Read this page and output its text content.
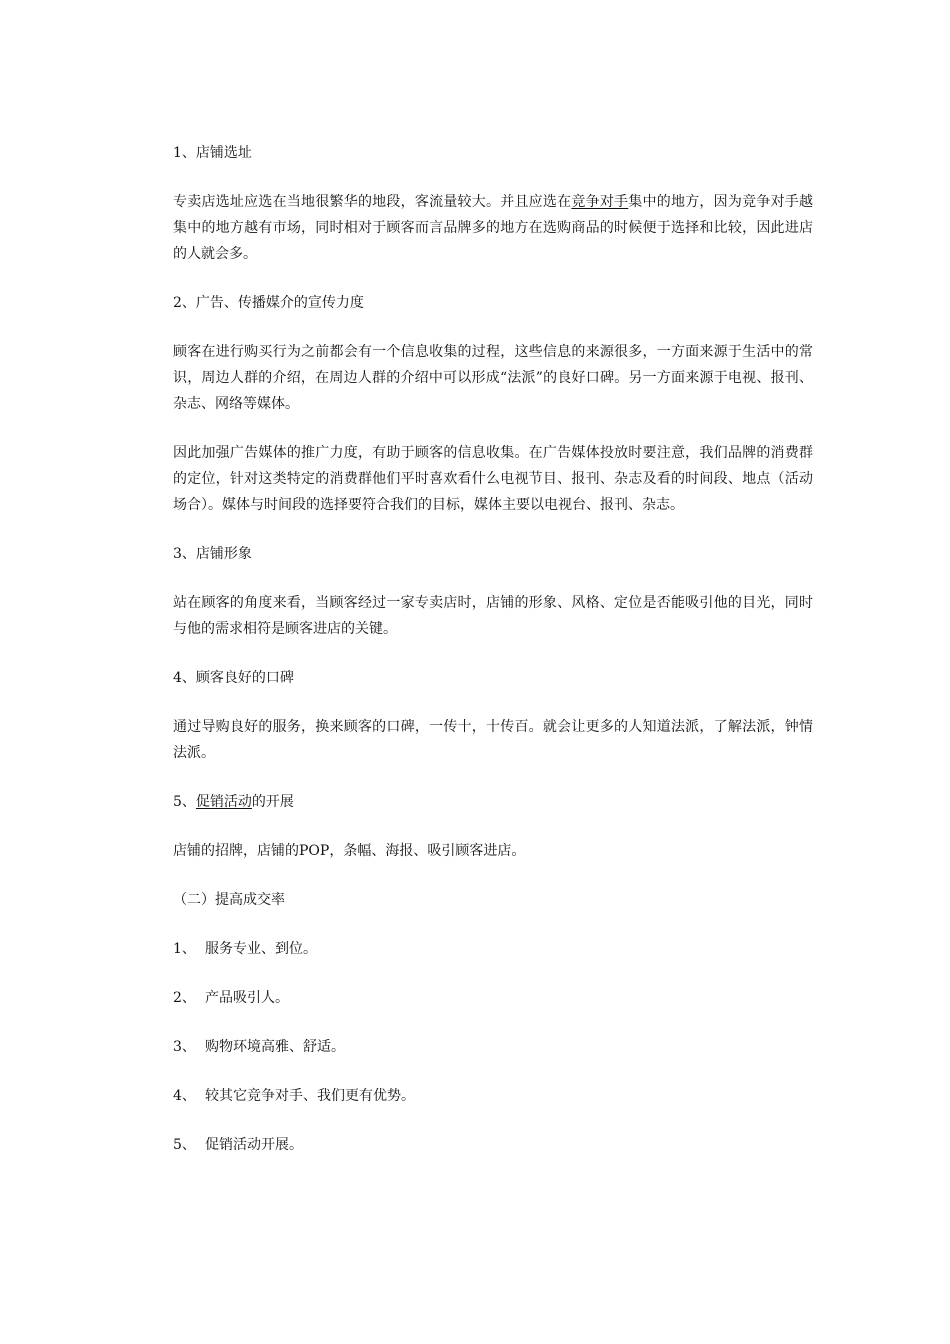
1、店铺选址
专卖店选址应选在当地很繁华的地段，客流量较大。并且应选在竞争对手集中的地方，因为竞争对手越集中的地方越有市场，同时相对于顾客而言品牌多的地方在选购商品的时候便于选择和比较，因此进店的人就会多。
2、广告、传播媒介的宣传力度
顾客在进行购买行为之前都会有一个信息收集的过程，这些信息的来源很多，一方面来源于生活中的常识，周边人群的介绍，在周边人群的介绍中可以形成“法派”的良好口碑。另一方面来源于电视、报刊、杂志、网络等媒体。
因此加强广告媒体的推广力度，有助于顾客的信息收集。在广告媒体投放时要注意，我们品牌的消费群的定位，针对这类特定的消费群他们平时喜欢看什么电视节目、报刊、杂志及看的时间段、地点（活动场合）。媒体与时间段的选择要符合我们的目标，媒体主要以电视台、报刊、杂志。
3、店铺形象
站在顾客的角度来看，当顾客经过一家专卖店时，店铺的形象、风格、定位是否能吸引他的目光，同时与他的需求相符是顾客进店的关键。
4、顾客良好的口碑
通过导购良好的服务，换来顾客的口碑，一传十，十传百。就会让更多的人知道法派，了解法派，钟情法派。
5、促销活动的开展
店铺的招牌，店铺的POP，条幅、海报、吸引顾客进店。
（二）提高成交率
1、 服务专业、到位。
2、 产品吸引人。
3、 购物环境高雅、舒适。
4、 较其它竞争对手、我们更有优势。
5、 促销活动开展。
